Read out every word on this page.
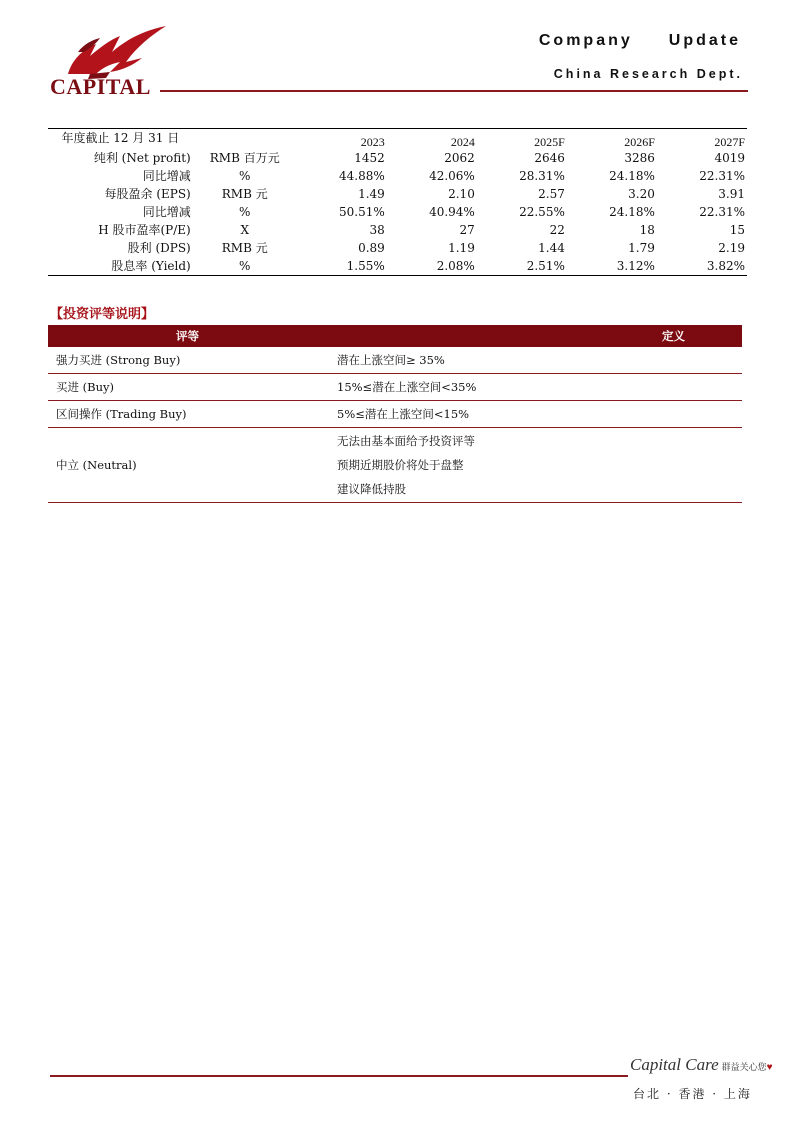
CAPITAL
Company Update
China Research Dept.
年度截止 12 月 31 日		2023	2024	2025F	2026F	2027F
纯利 (Net profit)	RMB 百万元	1452	2062	2646	3286	4019
同比增减	%	44.88%	42.06%	28.31%	24.18%	22.31%
每股盈余 (EPS)	RMB 元	1.49	2.10	2.57	3.20	3.91
同比增减	%	50.51%	40.94%	22.55%	24.18%	22.31%
H 股市盈率(P/E)	X	38	27	22	18	15
股利 (DPS)	RMB 元	0.89	1.19	1.44	1.79	2.19
股息率 (Yield)	%	1.55%	2.08%	2.51%	3.12%	3.82%
【投资评等说明】
评等	定义
强力买进 (Strong Buy)	潜在上涨空间≥ 35%
买进 (Buy)	15%≤潜在上涨空间<35%
区间操作 (Trading Buy)	5%≤潜在上涨空间<15%
中立 (Neutral)	无法由基本面给予投资评等
预期近期股价将处于盘整
建议降低持股
Capital Care 群益关心您♥
台北 · 香港 · 上海
